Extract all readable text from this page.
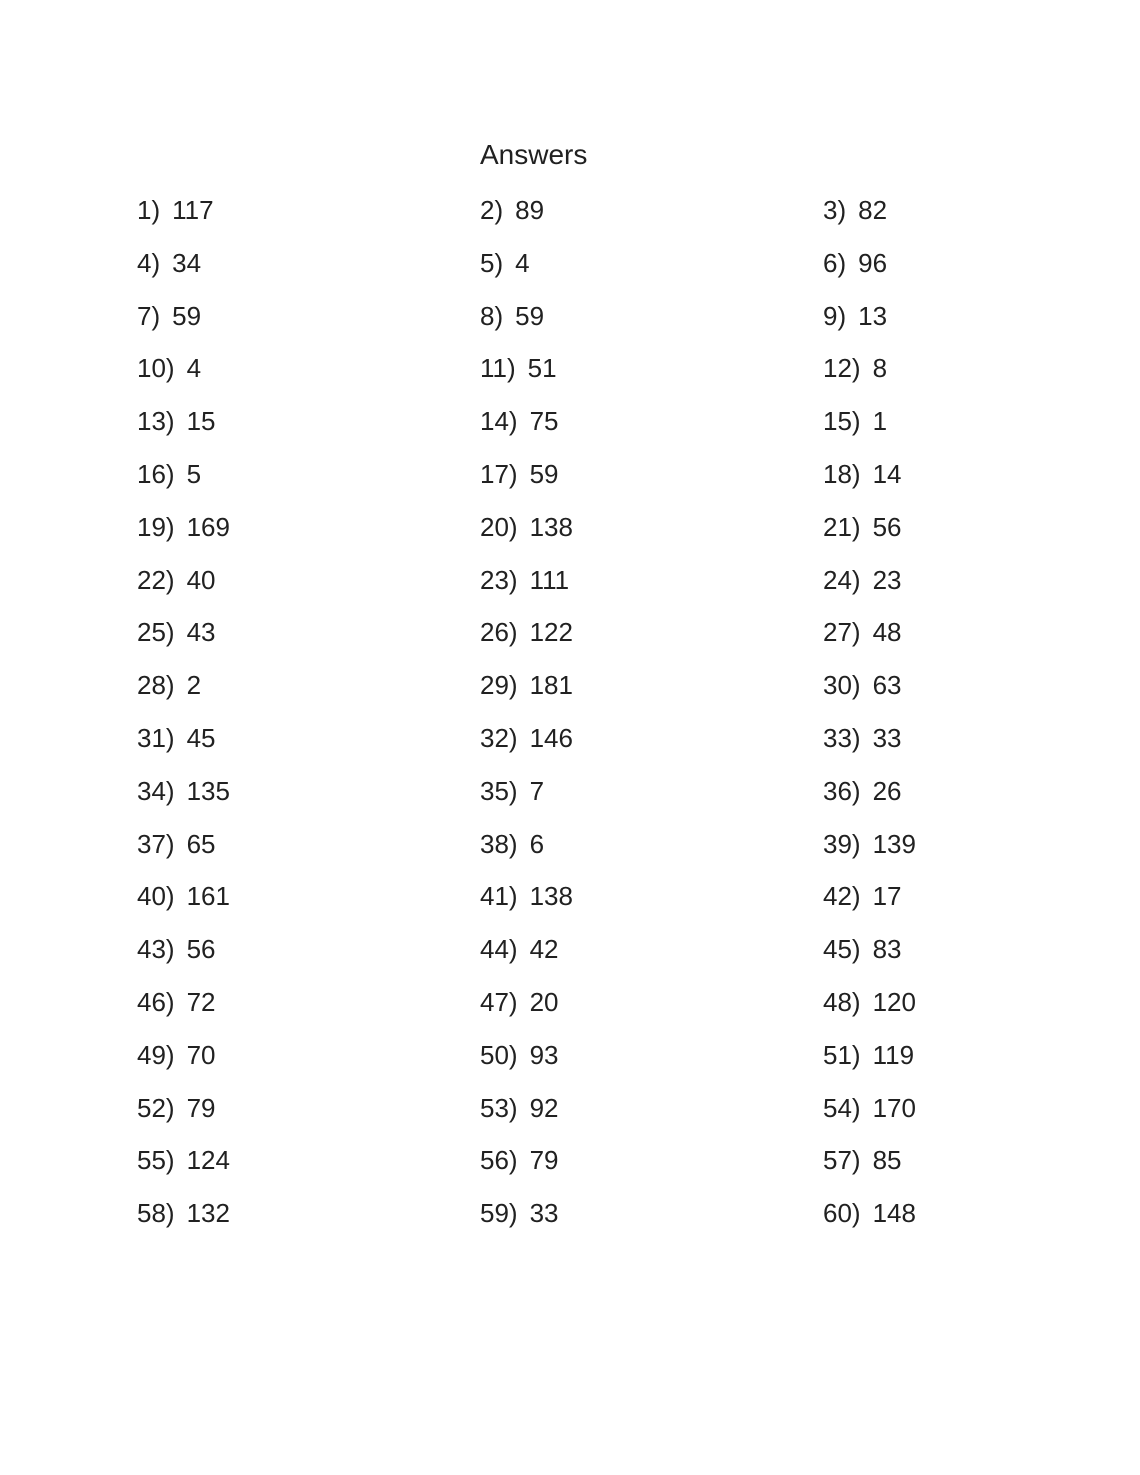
Answers
1) 117	2) 89	3) 82
4) 34	5) 4	6) 96
7) 59	8) 59	9) 13
10) 4	11) 51	12) 8
13) 15	14) 75	15) 1
16) 5	17) 59	18) 14
19) 169	20) 138	21) 56
22) 40	23) 111	24) 23
25) 43	26) 122	27) 48
28) 2	29) 181	30) 63
31) 45	32) 146	33) 33
34) 135	35) 7	36) 26
37) 65	38) 6	39) 139
40) 161	41) 138	42) 17
43) 56	44) 42	45) 83
46) 72	47) 20	48) 120
49) 70	50) 93	51) 119
52) 79	53) 92	54) 170
55) 124	56) 79	57) 85
58) 132	59) 33	60) 148
